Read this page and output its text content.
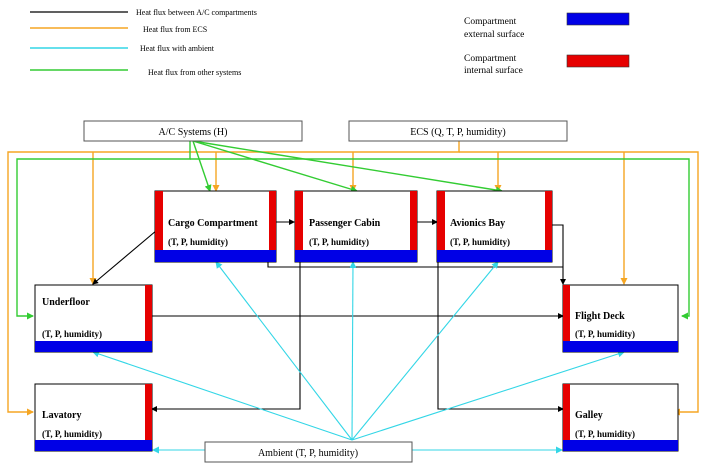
Heat flux between A/C compartments
Heat flux from ECS
Heat flux with ambient
Heat flux from other systems
Compartment
external surface
Compartment
internal surface
A/C Systems (H)	ECS (Q, T, P, humidity)
Ambient (T, P, humidity)
Cargo Compartment
(T, P, humidity)
Passenger Cabin
(T, P, humidity)
Avionics Bay
(T, P, humidity)
Underfloor
(T, P, humidity)
Flight Deck
(T, P, humidity)
Lavatory
(T, P, humidity)
Galley
(T, P, humidity)
